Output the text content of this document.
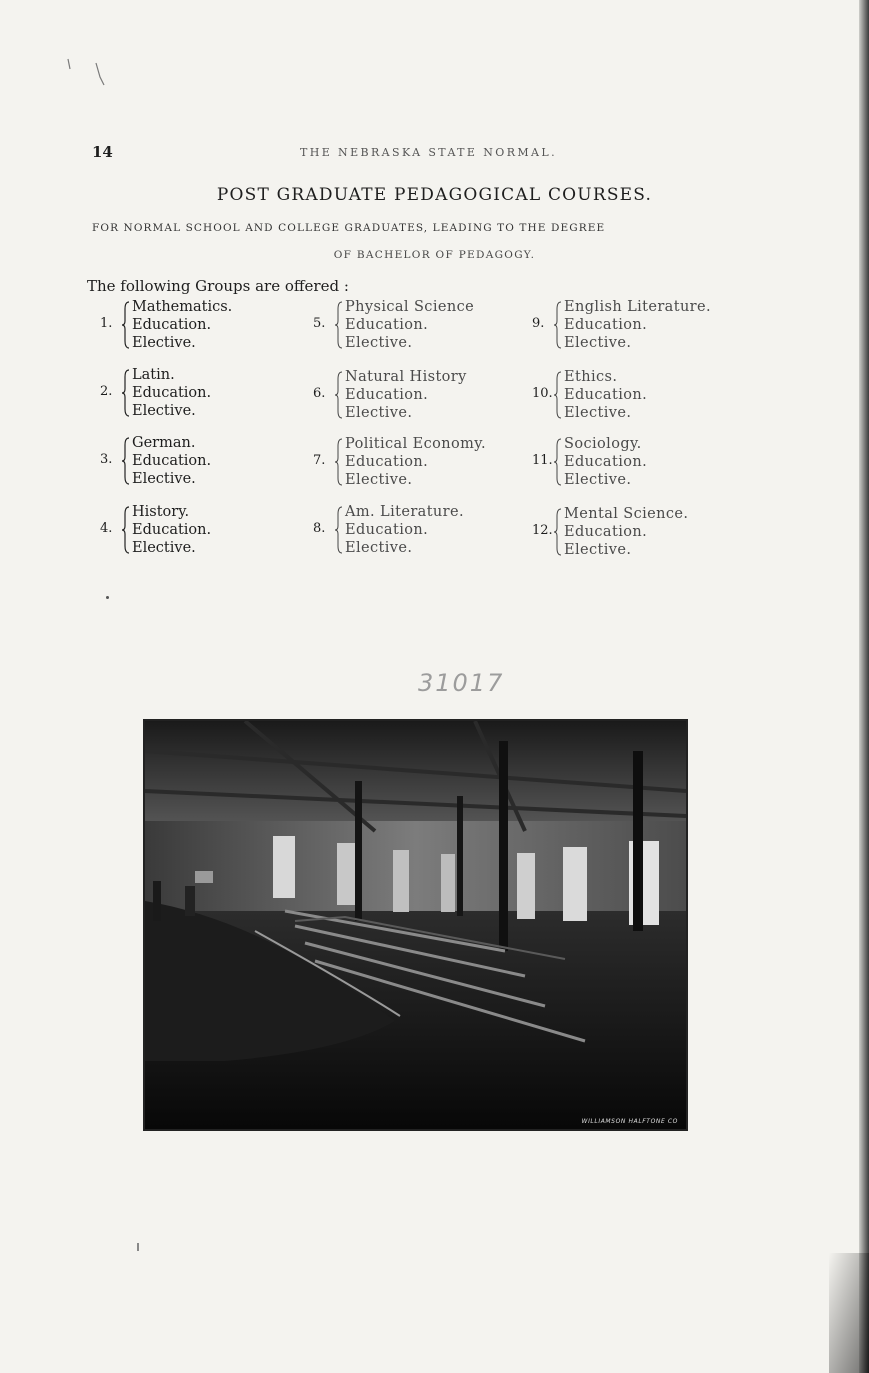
14	THE NEBRASKA STATE NORMAL.
POST GRADUATE PEDAGOGICAL COURSES.
FOR NORMAL SCHOOL AND COLLEGE GRADUATES, LEADING TO THE DEGREE
OF BACHELOR OF PEDAGOGY.
The following Groups are offered :
1.
Mathematics.
Education.
Elective.
2.
Latin.
Education.
Elective.
3.
German.
Education.
Elective.
4.
History.
Education.
Elective.
5.
Physical Science
Education.
Elective.
6.
Natural History
Education.
Elective.
7.
Political Economy.
Education.
Elective.
8.
Am. Literature.
Education.
Elective.
9.
English Literature.
Education.
Elective.
10.
Ethics.
Education.
Elective.
11.
Sociology.
Education.
Elective.
12.
Mental Science.
Education.
Elective.
31017
WILLIAMSON HALFTONE CO
